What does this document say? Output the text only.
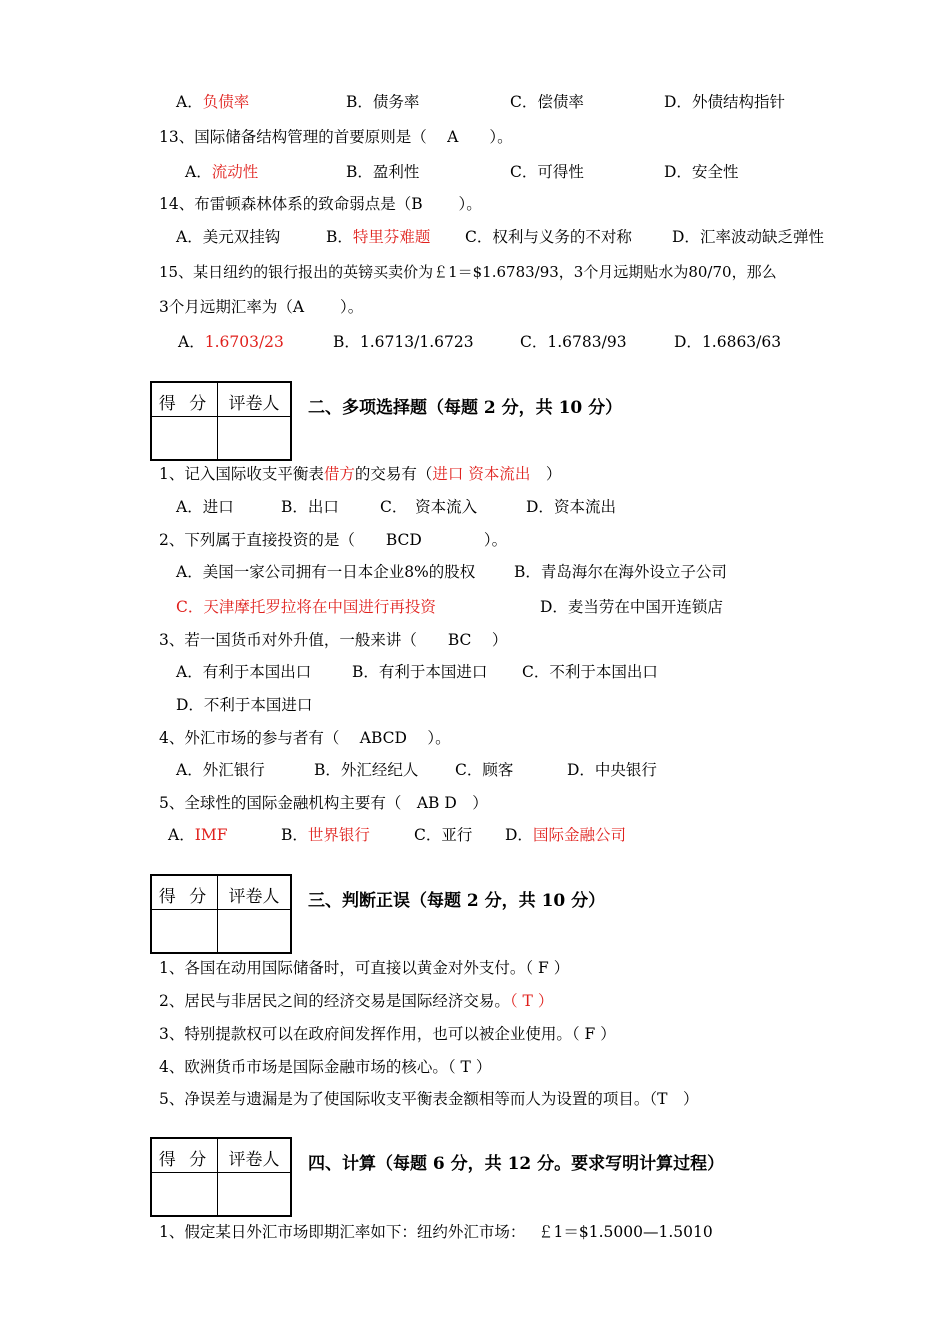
A．负债率	B．债务率	C．偿债率	D．外债结构指针
13、国际储备结构管理的首要原则是（　 A　　）。
A．流动性	B．盈利性	C．可得性	D．安全性
14、布雷顿森林体系的致命弱点是（B　　 ）。
A．美元双挂钩	B．特里芬难题 C．权利与义务的不对称	D．汇率波动缺乏弹性
15、某日纽约的银行报出的英镑买卖价为￡1＝$1.6783/93，3个月远期贴水为80/70，那么
3个月远期汇率为（A　　 ）。
A．1.6703/23	B．1.6713/1.6723	C．1.6783/93	D．1.6863/63
得 分	评卷人	二、多项选择题（每题 2 分，共 10 分）
1、记入国际收支平衡表借方的交易有（进口 资本流出　）
A．进口	B．出口	C．　资本流入	D．资本流出
2、下列属于直接投资的是（　　BCD　　　　）。
A．美国一家公司拥有一日本企业8%的股权 B．青岛海尔在海外设立子公司
C．天津摩托罗拉将在中国进行再投资	D．麦当劳在中国开连锁店
3、若一国货币对外升值，一般来讲（　　BC　 ）
A．有利于本国出口	B．有利于本国进口 C．不利于本国出口
D．不利于本国进口
4、外汇市场的参与者有（　 ABCD　 ）。
A．外汇银行	B．外汇经纪人 C．顾客	D．中央银行
5、全球性的国际金融机构主要有（　AB D　）
A．IMF	B．世界银行	C．亚行 D．国际金融公司
得 分	评卷人	三、判断正误（每题 2 分，共 10 分）
1、各国在动用国际储备时，可直接以黄金对外支付。（ F ）
2、居民与非居民之间的经济交易是国际经济交易。（ T ）
3、特别提款权可以在政府间发挥作用，也可以被企业使用。（ F ）
4、欧洲货币市场是国际金融市场的核心。（ T ）
5、净误差与遗漏是为了使国际收支平衡表金额相等而人为设置的项目。（T　）
得 分	评卷人	四、计算（每题 6 分，共 12 分。要求写明计算过程）
1、假定某日外汇市场即期汇率如下：纽约外汇市场：　 ￡1＝$1.5000—1.5010
